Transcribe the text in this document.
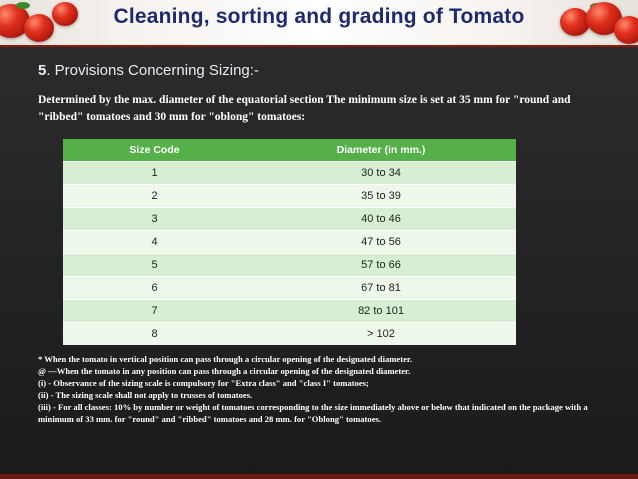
Cleaning, sorting and grading of Tomato
5. Provisions Concerning Sizing:-
Determined by the max. diameter of the equatorial section The minimum size is set at 35 mm for "round and "ribbed" tomatoes and 30 mm for "oblong" tomatoes:
Size Code	Diameter (in mm.)
1	30 to 34
2	35 to 39
3	40 to 46
4	47 to 56
5	57 to 66
6	67 to 81
7	82 to 101
8	> 102

* When the tomato in vertical position can pass through a circular opening of the designated diameter.

@ —When the tomato in any position can pass through a circular opening of the designated diameter.

(i) - Observance of the sizing scale is compulsory for "Extra class" and "class I" tomatoes;

(ii) - The sizing scale shall not apply to trusses of tomatoes.

(iii) - For all classes: 10% by number or weight of tomatoes corresponding to the size immediately above or below that indicated on the package with a minimum of 33 mm. for "round" and "ribbed" tomatoes and 28 mm. for "Oblong" tomatoes.
